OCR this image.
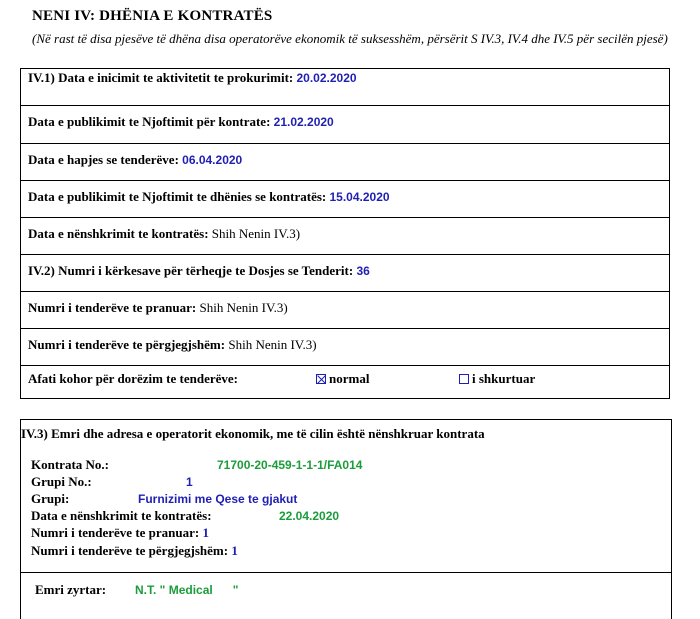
NENI IV: DHËNIA E KONTRATËS
(Në rast të disa pjesëve të dhëna disa operatorëve ekonomik të suksesshëm, përsërit S IV.3, IV.4 dhe IV.5 për secilën pjesë)
IV.1) Data e inicimit te aktivitetit te prokurimit: 20.02.2020
Data e publikimit te Njoftimit për kontrate: 21.02.2020
Data e hapjes se tenderëve: 06.04.2020
Data e publikimit te Njoftimit te dhënies se kontratës: 15.04.2020
Data e nënshkrimit te kontratës: Shih Nenin IV.3)
IV.2) Numri i kërkesave për tërheqje te Dosjes se Tenderit: 36
Numri i tenderëve te pranuar: Shih Nenin IV.3)
Numri i tenderëve te përgjegjshëm: Shih Nenin IV.3)
Afati kohor për dorëzim te tenderëve:	normal	i shkurtuar
IV.3) Emri dhe adresa e operatorit ekonomik, me të cilin është nënshkruar kontrata
Kontrata No.:	71700-20-459-1-1-1/FA014
Grupi No.:	1
Grupi:	Furnizimi me Qese te gjakut
Data e nënshkrimit te kontratës:	22.04.2020
Numri i tenderëve te pranuar: 1
Numri i tenderëve te përgjegjshëm: 1
Emri zyrtar: N.T. " Medical      "
